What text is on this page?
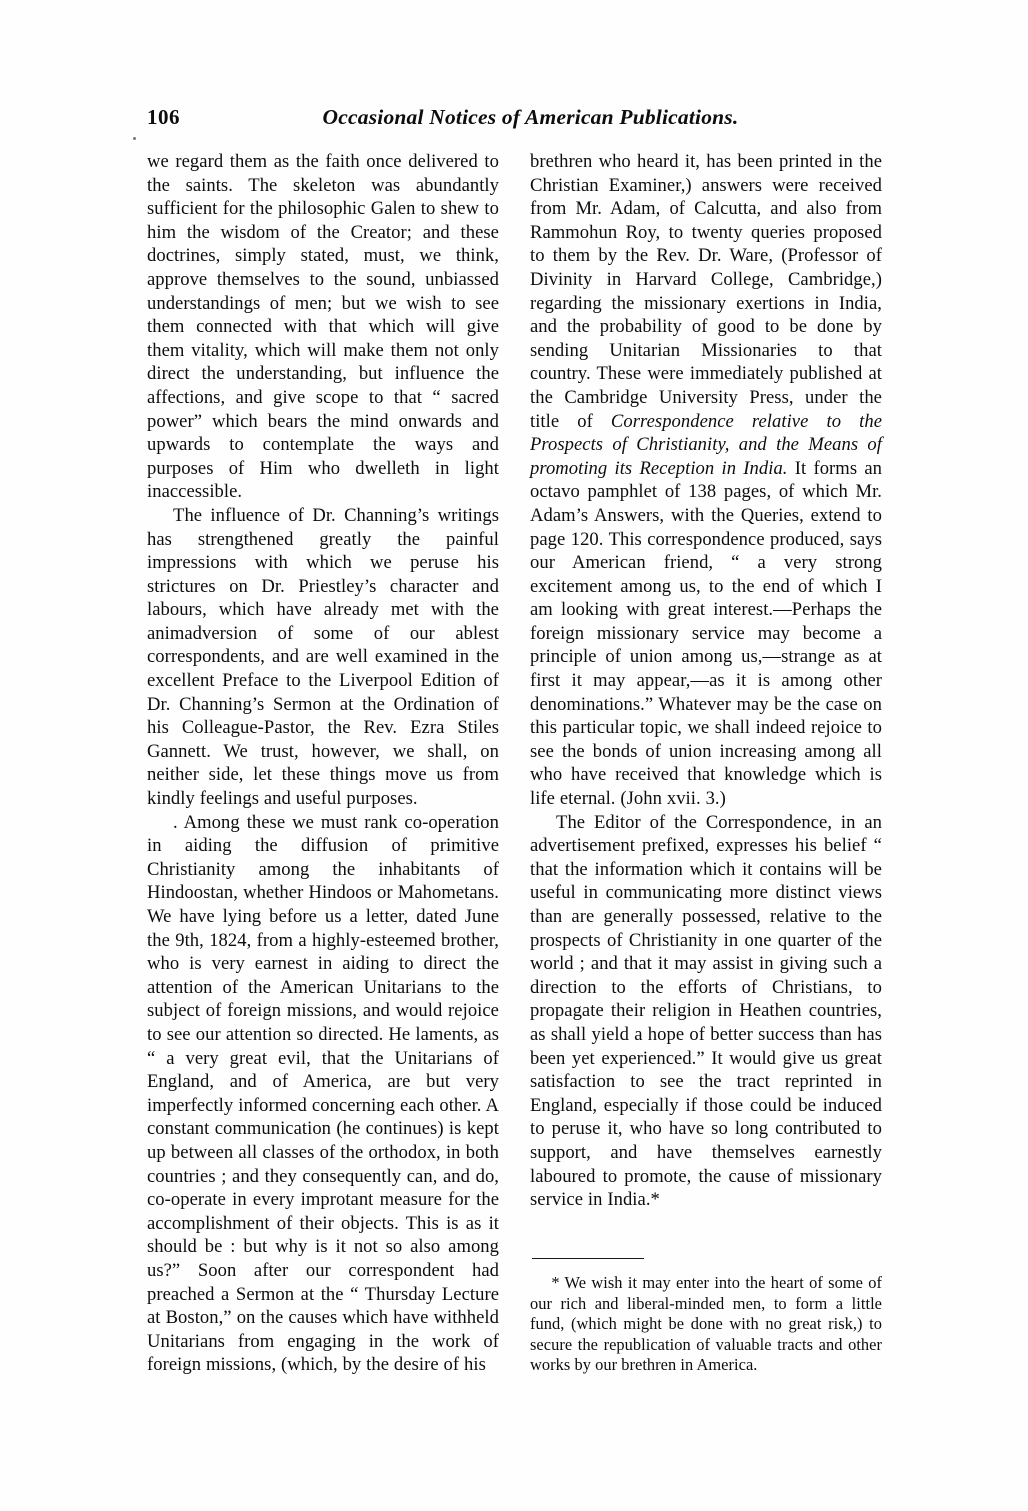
106	Occasional Notices of American Publications.

we regard them as the faith once delivered to the saints. The skeleton was abundantly sufficient for the philosophic Galen to shew to him the wisdom of the Creator; and these doctrines, simply stated, must, we think, approve themselves to the sound, unbiassed understandings of men; but we wish to see them connected with that which will give them vitality, which will make them not only direct the understanding, but influence the affections, and give scope to that “ sacred power” which bears the mind onwards and upwards to contemplate the ways and purposes of Him who dwelleth in light inaccessible.

The influence of Dr. Channing’s writings has strengthened greatly the painful impressions with which we peruse his strictures on Dr. Priestley’s character and labours, which have already met with the animadversion of some of our ablest correspondents, and are well examined in the excellent Preface to the Liverpool Edition of Dr. Channing’s Sermon at the Ordination of his Colleague-Pastor, the Rev. Ezra Stiles Gannett. We trust, however, we shall, on neither side, let these things move us from kindly feelings and useful purposes.

. Among these we must rank co-operation in aiding the diffusion of primitive Christianity among the inhabitants of Hindoostan, whether Hindoos or Mahometans. We have lying before us a letter, dated June the 9th, 1824, from a highly-esteemed brother, who is very earnest in aiding to direct the attention of the American Unitarians to the subject of foreign missions, and would rejoice to see our attention so directed. He laments, as “ a very great evil, that the Unitarians of England, and of America, are but very imperfectly informed concerning each other. A constant communication (he continues) is kept up between all classes of the orthodox, in both countries ; and they consequently can, and do, co-operate in every improtant measure for the accomplishment of their objects. This is as it should be : but why is it not so also among us?” Soon after our correspondent had preached a Sermon at the “ Thursday Lecture at Boston,” on the causes which have withheld Unitarians from engaging in the work of foreign missions, (which, by the desire of his

brethren who heard it, has been printed in the Christian Examiner,) answers were received from Mr. Adam, of Calcutta, and also from Rammohun Roy, to twenty queries proposed to them by the Rev. Dr. Ware, (Professor of Divinity in Harvard College, Cambridge,) regarding the missionary exertions in India, and the probability of good to be done by sending Unitarian Missionaries to that country. These were immediately published at the Cambridge University Press, under the title of Correspondence relative to the Prospects of Christianity, and the Means of promoting its Reception in India. It forms an octavo pamphlet of 138 pages, of which Mr. Adam’s Answers, with the Queries, extend to page 120. This correspondence produced, says our American friend, “ a very strong excitement among us, to the end of which I am looking with great interest.—Perhaps the foreign missionary service may become a principle of union among us,—strange as at first it may appear,—as it is among other denominations.” Whatever may be the case on this particular topic, we shall indeed rejoice to see the bonds of union increasing among all who have received that knowledge which is life eternal. (John xvii. 3.)

The Editor of the Correspondence, in an advertisement prefixed, expresses his belief “ that the information which it contains will be useful in communicating more distinct views than are generally possessed, relative to the prospects of Christianity in one quarter of the world ; and that it may assist in giving such a direction to the efforts of Christians, to propagate their religion in Heathen countries, as shall yield a hope of better success than has been yet experienced.” It would give us great satisfaction to see the tract reprinted in England, especially if those could be induced to peruse it, who have so long contributed to support, and have themselves earnestly laboured to promote, the cause of missionary service in India.*

* We wish it may enter into the heart of some of our rich and liberal-minded men, to form a little fund, (which might be done with no great risk,) to secure the republication of valuable tracts and other works by our brethren in America.
